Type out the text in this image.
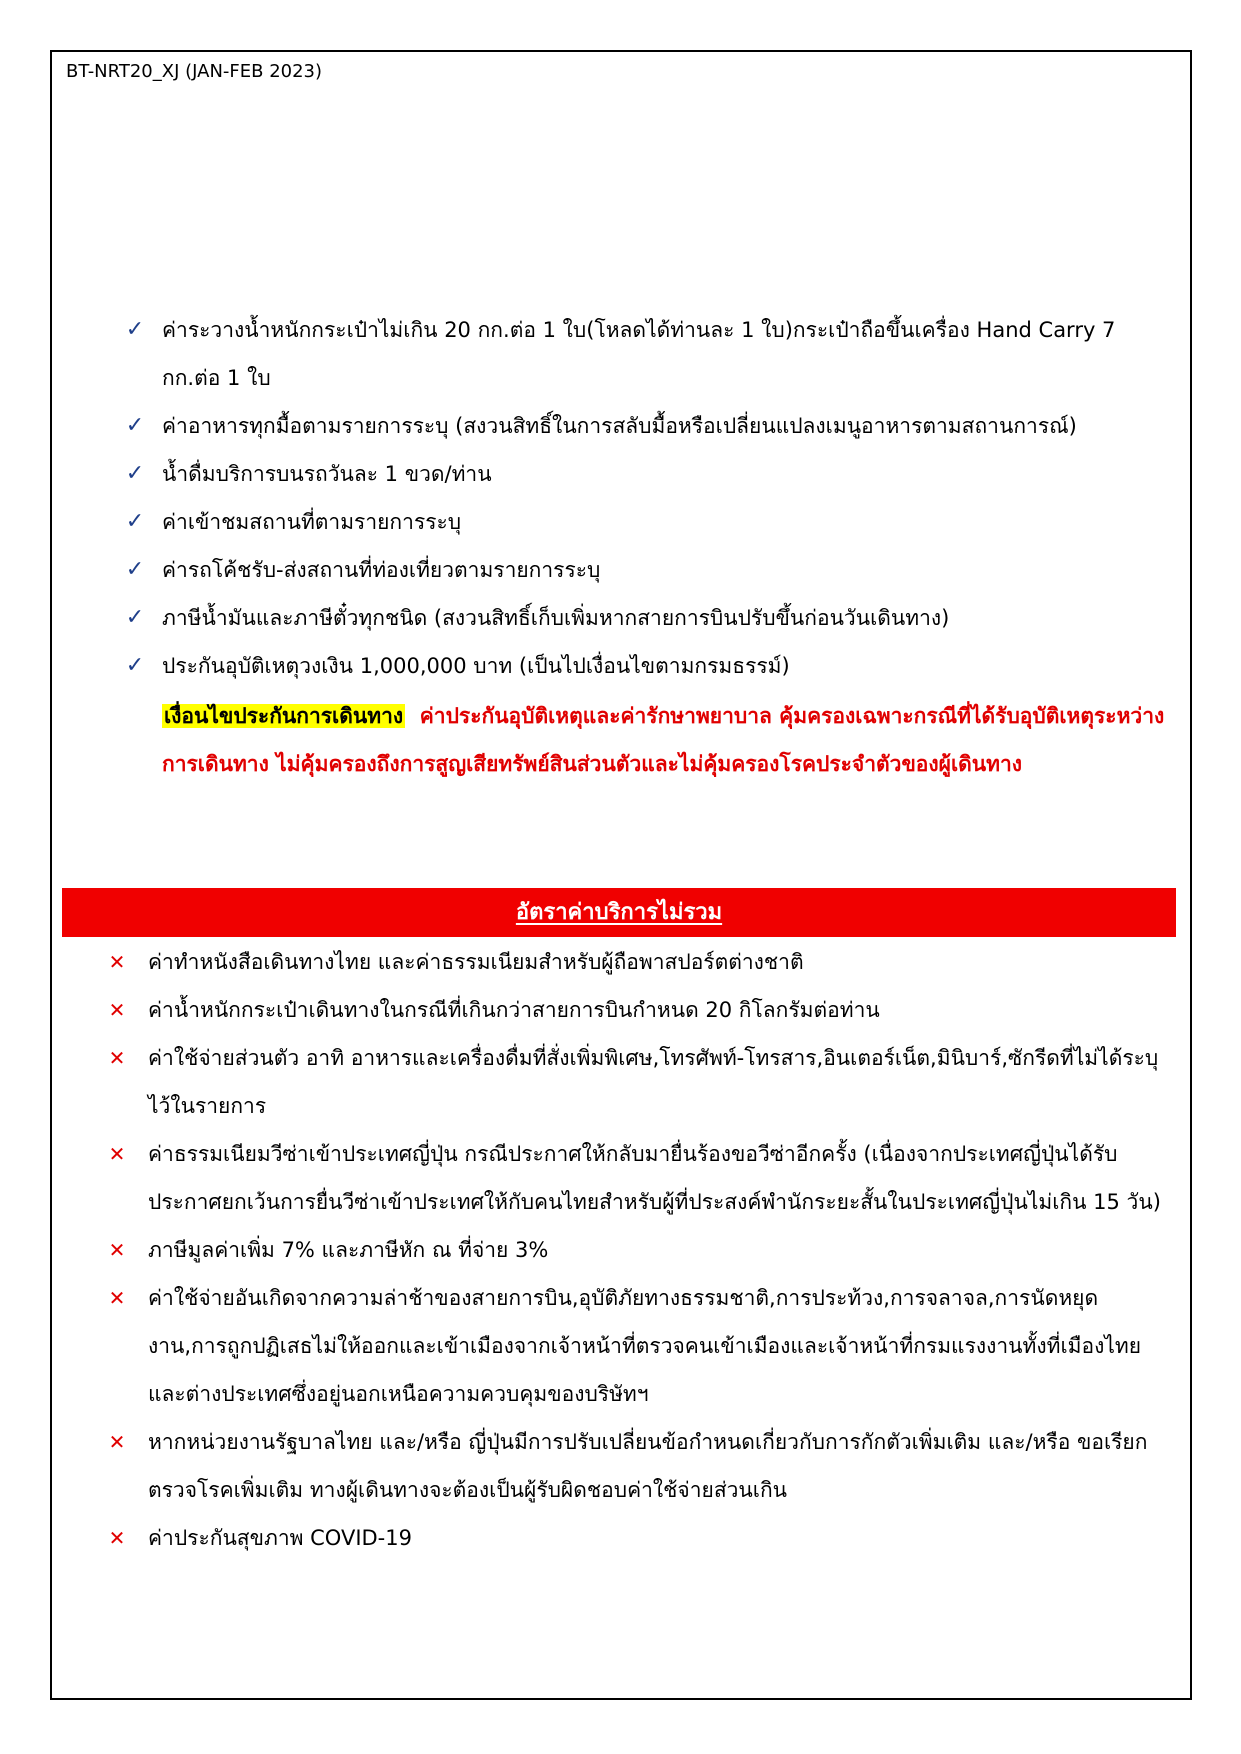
BT-NRT20_XJ (JAN-FEB 2023)
✓ ค่าระวางน้ำหนักกระเป๋าไม่เกิน 20 กก.ต่อ 1 ใบ(โหลดได้ท่านละ 1 ใบ)กระเป๋าถือขึ้นเครื่อง Hand Carry 7 กก.ต่อ 1 ใบ
✓ ค่าอาหารทุกมื้อตามรายการระบุ (สงวนสิทธิ์ในการสลับมื้อหรือเปลี่ยนแปลงเมนูอาหารตามสถานการณ์)
✓ น้ำดื่มบริการบนรถวันละ 1 ขวด/ท่าน
✓ ค่าเข้าชมสถานที่ตามรายการระบุ
✓ ค่ารถโค้ชรับ-ส่งสถานที่ท่องเที่ยวตามรายการระบุ
✓ ภาษีน้ำมันและภาษีตั๋วทุกชนิด (สงวนสิทธิ์เก็บเพิ่มหากสายการบินปรับขึ้นก่อนวันเดินทาง)
✓ ประกันอุบัติเหตุวงเงิน 1,000,000 บาท (เป็นไปเงื่อนไขตามกรมธรรม์)

เงื่อนไขประกันการเดินทาง ค่าประกันอุบัติเหตุและค่ารักษาพยาบาล คุ้มครองเฉพาะกรณีที่ได้รับอุบัติเหตุระหว่างการเดินทาง ไม่คุ้มครองถึงการสูญเสียทรัพย์สินส่วนตัวและไม่คุ้มครองโรคประจำตัวของผู้เดินทาง

อัตราค่าบริการไม่รวม
✕ ค่าทำหนังสือเดินทางไทย และค่าธรรมเนียมสำหรับผู้ถือพาสปอร์ตต่างชาติ
✕ ค่าน้ำหนักกระเป๋าเดินทางในกรณีที่เกินกว่าสายการบินกำหนด 20 กิโลกรัมต่อท่าน
✕ ค่าใช้จ่ายส่วนตัว อาทิ อาหารและเครื่องดื่มที่สั่งเพิ่มพิเศษ,โทรศัพท์-โทรสาร,อินเตอร์เน็ต,มินิบาร์,ซักรีดที่ไม่ได้ระบุไว้ในรายการ
✕ ค่าธรรมเนียมวีซ่าเข้าประเทศญี่ปุ่น กรณีประกาศให้กลับมายื่นร้องขอวีซ่าอีกครั้ง (เนื่องจากประเทศญี่ปุ่นได้รับประกาศยกเว้นการยื่นวีซ่าเข้าประเทศให้กับคนไทยสำหรับผู้ที่ประสงค์พำนักระยะสั้นในประเทศญี่ปุ่นไม่เกิน 15 วัน)
✕ ภาษีมูลค่าเพิ่ม 7% และภาษีหัก ณ ที่จ่าย 3%
✕ ค่าใช้จ่ายอันเกิดจากความล่าช้าของสายการบิน,อุบัติภัยทางธรรมชาติ,การประท้วง,การจลาจล,การนัดหยุดงาน,การถูกปฏิเสธไม่ให้ออกและเข้าเมืองจากเจ้าหน้าที่ตรวจคนเข้าเมืองและเจ้าหน้าที่กรมแรงงานทั้งที่เมืองไทยและต่างประเทศซึ่งอยู่นอกเหนือความควบคุมของบริษัทฯ
✕ หากหน่วยงานรัฐบาลไทย และ/หรือ ญี่ปุ่นมีการปรับเปลี่ยนข้อกำหนดเกี่ยวกับการกักตัวเพิ่มเติม และ/หรือ ขอเรียกตรวจโรคเพิ่มเติม ทางผู้เดินทางจะต้องเป็นผู้รับผิดชอบค่าใช้จ่ายส่วนเกิน
✕ ค่าประกันสุขภาพ COVID-19
